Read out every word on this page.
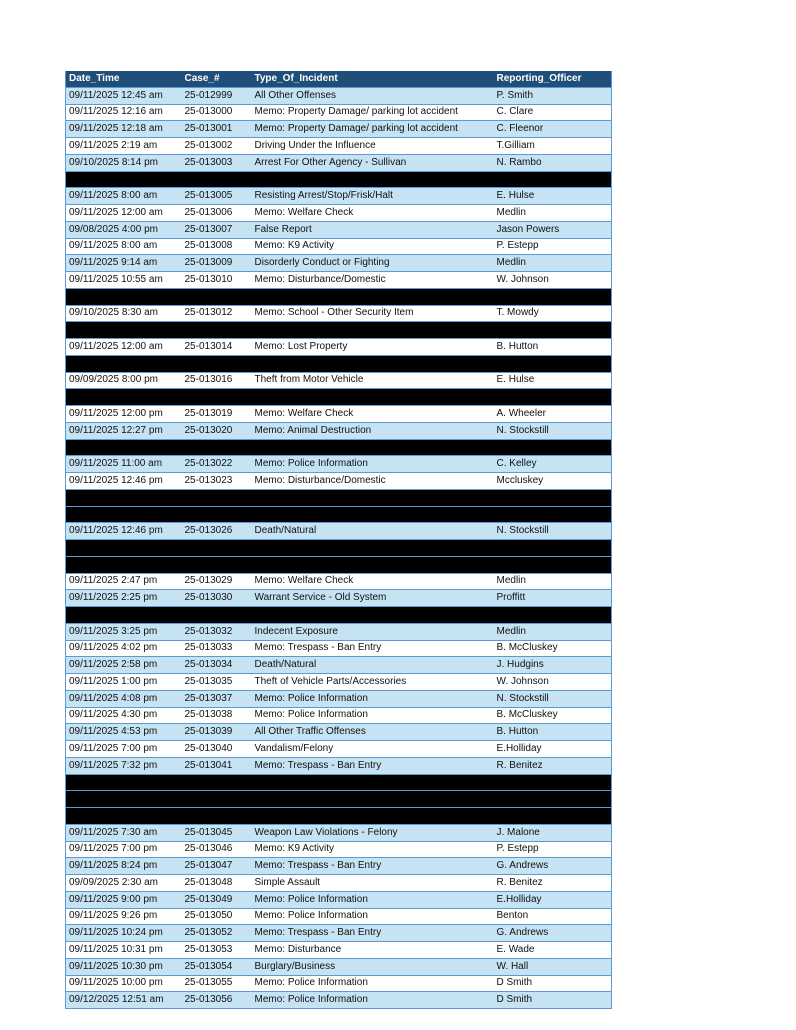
Date_Time	Case_#	Type_Of_Incident	Reporting_Officer
09/11/2025 12:45 am	25-012999	All Other Offenses	P. Smith
09/11/2025 12:16 am	25-013000	Memo: Property Damage/ parking lot accident	C. Clare
09/11/2025 12:18 am	25-013001	Memo: Property Damage/ parking lot accident	C. Fleenor
09/11/2025 2:19 am	25-013002	Driving Under the Influence	T.Gilliam
09/10/2025 8:14 pm	25-013003	Arrest For Other Agency - Sullivan	N. Rambo

09/11/2025 8:00 am	25-013005	Resisting Arrest/Stop/Frisk/Halt	E. Hulse
09/11/2025 12:00 am	25-013006	Memo: Welfare Check	Medlin
09/08/2025 4:00 pm	25-013007	False Report	Jason Powers
09/11/2025 8:00 am	25-013008	Memo: K9 Activity	P. Estepp
09/11/2025 9:14 am	25-013009	Disorderly Conduct or Fighting	Medlin
09/11/2025 10:55 am	25-013010	Memo: Disturbance/Domestic	W. Johnson

09/10/2025 8:30 am	25-013012	Memo: School - Other Security Item	T. Mowdy

09/11/2025 12:00 am	25-013014	Memo: Lost Property	B. Hutton

09/09/2025 8:00 pm	25-013016	Theft from Motor Vehicle	E. Hulse

09/11/2025 12:00 pm	25-013019	Memo: Welfare Check	A. Wheeler
09/11/2025 12:27 pm	25-013020	Memo: Animal Destruction	N. Stockstill

09/11/2025 11:00 am	25-013022	Memo: Police Information	C. Kelley
09/11/2025 12:46 pm	25-013023	Memo: Disturbance/Domestic	Mccluskey

09/11/2025 12:46 pm	25-013026	Death/Natural	N. Stockstill

09/11/2025 2:47 pm	25-013029	Memo: Welfare Check	Medlin
09/11/2025 2:25 pm	25-013030	Warrant Service - Old System	Proffitt

09/11/2025 3:25 pm	25-013032	Indecent Exposure	Medlin
09/11/2025 4:02 pm	25-013033	Memo: Trespass - Ban Entry	B. McCluskey
09/11/2025 2:58 pm	25-013034	Death/Natural	J. Hudgins
09/11/2025 1:00 pm	25-013035	Theft of Vehicle Parts/Accessories	W. Johnson
09/11/2025 4:08 pm	25-013037	Memo: Police Information	N. Stockstill
09/11/2025 4:30 pm	25-013038	Memo: Police Information	B. McCluskey
09/11/2025 4:53 pm	25-013039	All Other Traffic Offenses	B. Hutton
09/11/2025 7:00 pm	25-013040	Vandalism/Felony	E.Holliday
09/11/2025 7:32 pm	25-013041	Memo: Trespass - Ban Entry	R. Benitez

09/11/2025 7:30 am	25-013045	Weapon Law Violations - Felony	J. Malone
09/11/2025 7:00 pm	25-013046	Memo: K9 Activity	P. Estepp
09/11/2025 8:24 pm	25-013047	Memo: Trespass - Ban Entry	G. Andrews
09/09/2025 2:30 am	25-013048	Simple Assault	R. Benitez
09/11/2025 9:00 pm	25-013049	Memo: Police Information	E.Holliday
09/11/2025 9:26 pm	25-013050	Memo: Police Information	Benton
09/11/2025 10:24 pm	25-013052	Memo: Trespass - Ban Entry	G. Andrews
09/11/2025 10:31 pm	25-013053	Memo: Disturbance	E. Wade
09/11/2025 10:30 pm	25-013054	Burglary/Business	W. Hall
09/11/2025 10:00 pm	25-013055	Memo: Police Information	D Smith
09/12/2025 12:51 am	25-013056	Memo: Police Information	D Smith
